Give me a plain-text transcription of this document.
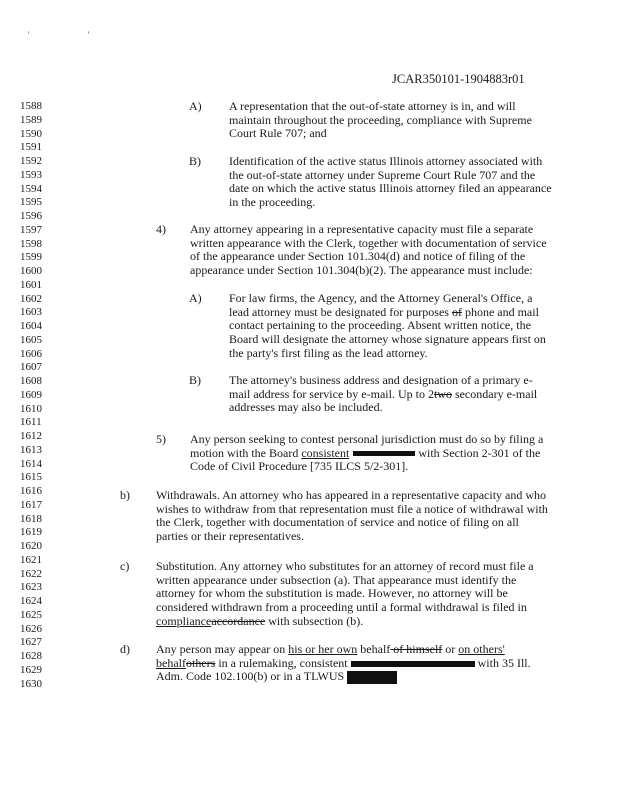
' '
JCAR350101-1904883r01
1588
1589
1590
1591
1592
1593
1594
1595
1596
1597
1598
1599
1600
1601
1602
1603
1604
1605
1606
1607
1608
1609
1610
1611
1612
1613
1614
1615
1616
1617
1618
1619
1620
1621
1622
1623
1624
1625
1626
1627
1628
1629
1630
A) A representation that the out-of-state attorney is in, and will
maintain throughout the proceeding, compliance with Supreme
Court Rule 707; and
B) Identification of the active status Illinois attorney associated with
the out-of-state attorney under Supreme Court Rule 707 and the
date on which the active status Illinois attorney filed an appearance
in the proceeding.
4) Any attorney appearing in a representative capacity must file a separate
written appearance with the Clerk, together with documentation of service
of the appearance under Section 101.304(d) and notice of filing of the
appearance under Section 101.304(b)(2). The appearance must include:
A) For law firms, the Agency, and the Attorney General's Office, a
lead attorney must be designated for purposes of phone and mail
contact pertaining to the proceeding. Absent written notice, the
Board will designate the attorney whose signature appears first on
the party's first filing as the lead attorney.
B) The attorney's business address and designation of a primary e-
mail address for service by e-mail. Up to 2two secondary e-mail
addresses may also be included.
5) Any person seeking to contest personal jurisdiction must do so by filing a
motion with the Board consistent	with Section 2-301 of the
Code of Civil Procedure [735 ILCS 5/2-301].
b) Withdrawals. An attorney who has appeared in a representative capacity and who
wishes to withdraw from that representation must file a notice of withdrawal with
the Clerk, together with documentation of service and notice of filing on all
parties or their representatives.
c) Substitution. Any attorney who substitutes for an attorney of record must file a
written appearance under subsection (a). That appearance must identify the
attorney for whom the substitution is made. However, no attorney will be
considered withdrawn from a proceeding until a formal withdrawal is filed in
complianceaccordance with subsection (b).
d) Any person may appear on his or her own behalf of himself or on others'
behalfothers in a rulemaking, consistent	with 35 Ill.
Adm. Code 102.100(b) or in a TLWUS
